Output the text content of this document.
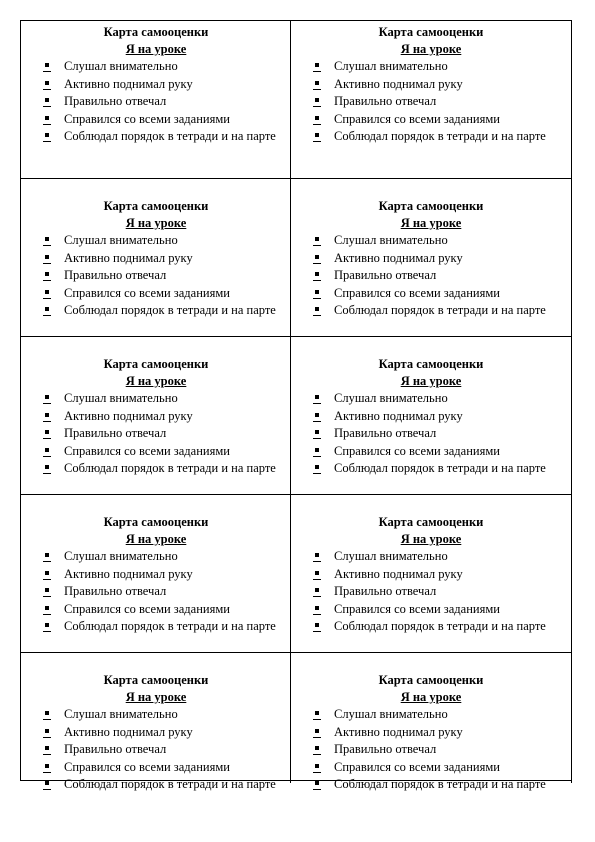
Карта самооценки
Я на уроке
Слушал внимательно
Активно поднимал руку
Правильно отвечал
Справился со всеми заданиями
Соблюдал порядок в тетради и на парте
Карта самооценки
Я на уроке
Слушал внимательно
Активно поднимал руку
Правильно отвечал
Справился со всеми заданиями
Соблюдал порядок в тетради и на парте
Карта самооценки
Я на уроке
Слушал внимательно
Активно поднимал руку
Правильно отвечал
Справился со всеми заданиями
Соблюдал порядок в тетради и на парте
Карта самооценки
Я на уроке
Слушал внимательно
Активно поднимал руку
Правильно отвечал
Справился со всеми заданиями
Соблюдал порядок в тетради и на парте
Карта самооценки
Я на уроке
Слушал внимательно
Активно поднимал руку
Правильно отвечал
Справился со всеми заданиями
Соблюдал порядок в тетради и на парте
Карта самооценки
Я на уроке
Слушал внимательно
Активно поднимал руку
Правильно отвечал
Справился со всеми заданиями
Соблюдал порядок в тетради и на парте
Карта самооценки
Я на уроке
Слушал внимательно
Активно поднимал руку
Правильно отвечал
Справился со всеми заданиями
Соблюдал порядок в тетради и на парте
Карта самооценки
Я на уроке
Слушал внимательно
Активно поднимал руку
Правильно отвечал
Справился со всеми заданиями
Соблюдал порядок в тетради и на парте
Карта самооценки
Я на уроке
Слушал внимательно
Активно поднимал руку
Правильно отвечал
Справился со всеми заданиями
Соблюдал порядок в тетради и на парте
Карта самооценки
Я на уроке
Слушал внимательно
Активно поднимал руку
Правильно отвечал
Справился со всеми заданиями
Соблюдал порядок в тетради и на парте
